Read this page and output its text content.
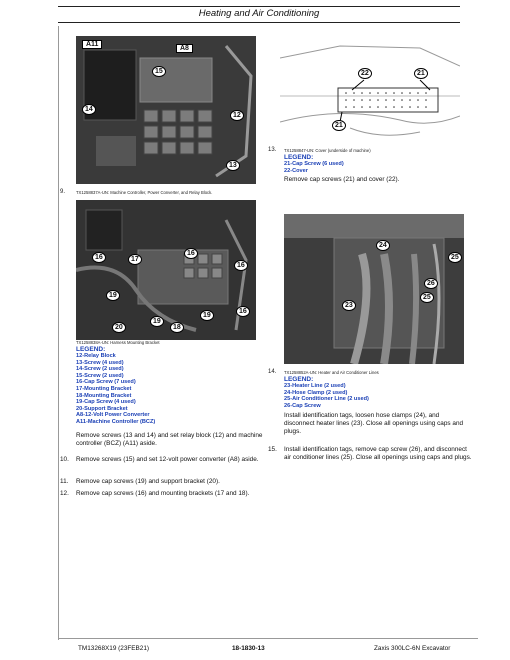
Heating and Air Conditioning
A11
A8
15
14
12
13
9.	TX1258837A-UN: Machine Controller, Power Converter, and Relay Block.
22	21
21
13. TX1258847-UN: Cover (underside of machine)
LEGEND:
21-Cap Screw (6 used)
22-Cover
Remove cap screws (21) and cover (22).
16	17
16
16
19
19
20	18
19
16
TX1258838A-UN: Harness Mounting Bracket
LEGEND:
12-Relay Block
13-Screw (4 used)
14-Screw (2 used)
15-Screw (2 used)
16-Cap Screw (7 used)
17-Mounting Bracket
18-Mounting Bracket
19-Cap Screw (4 used)
20-Support Bracket
A8-12-Volt Power Converter
A11-Machine Controller (BCZ)
Remove screws (13 and 14) and set relay block (12) and machine controller (BCZ) (A11) aside.
24
25
26
25
23
14. TX1258852A-UN: Heater and Air Conditioner Lines
LEGEND:
23-Heater Line (2 used)
24-Hose Clamp (2 used)
25-Air Conditioner Line (2 used)
26-Cap Screw
Install identification tags, loosen hose clamps (24), and disconnect heater lines (23). Close all openings using caps and plugs.
10. Remove screws (15) and set 12-volt power converter (A8) aside.
11. Remove cap screws (19) and support bracket (20).
12. Remove cap screws (16) and mounting brackets (17 and 18).
15. Install identification tags, remove cap screw (26), and disconnect air conditioner lines (25). Close all openings using caps and plugs.
TM13268X19 (23FEB21)	18-1830-13	Zaxis 300LC-6N Excavator
